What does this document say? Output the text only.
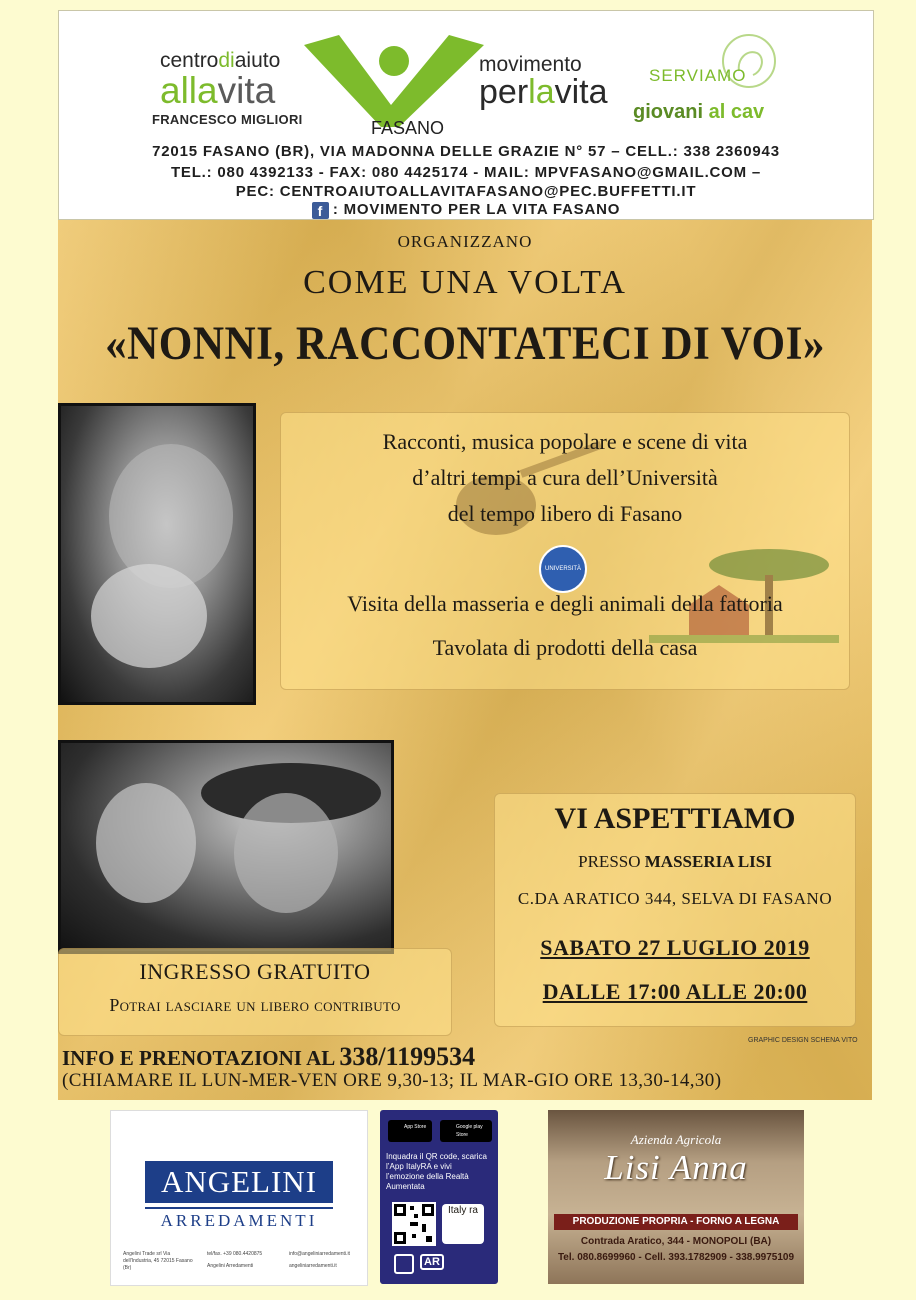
centrodiaiuto
allavita
FRANCESCO MIGLIORI	FASANO
movimento
perlavita SERVIAMO
giovani al cav
72015 FASANO (BR), VIA MADONNA DELLE GRAZIE N° 57 – CELL.: 338 2360943
TEL.: 080 4392133 - FAX: 080 4425174 - MAIL: MPVFASANO@GMAIL.COM –
PEC: CENTROAIUTOALLAVITAFASANO@PEC.BUFFETTI.IT
f : MOVIMENTO PER LA VITA FASANO
ORGANIZZANO
COME UNA VOLTA
«NONNI, RACCONTATECI DI VOI»
Racconti, musica popolare e scene di vita
d’altri tempi a cura dell’Università
del tempo libero di Fasano
UNIVERSITÀ
Visita della masseria e degli animali della fattoria
Tavolata di prodotti della casa
VI ASPETTIAMO
PRESSO MASSERIA LISI
C.DA ARATICO 344, SELVA DI FASANO
SABATO 27 LUGLIO 2019
DALLE 17:00 ALLE 20:00
INGRESSO GRATUITO
Potrai lasciare un libero contributo
GRAPHIC DESIGN SCHENA VITO
INFO E PRENOTAZIONI AL 338/1199534
(CHIAMARE IL LUN-MER-VEN ORE 9,30-13; IL MAR-GIO ORE 13,30-14,30)
ANGELINI
ARREDAMENTI
Angelini Trade srl Via dell'Industria, 45 72015 Fasano (Br)
tel/fax. +39 080.4420875
Angelini Arredamenti
info@angeliniarredamenti.it
angeliniarredamenti.it
App Store	Google play Store
Inquadra il QR code, scarica l’App ItalyRA e vivi l’emozione della Realtà Aumentata
Italy ra
AR
Azienda Agricola
Lisi Anna
PRODUZIONE PROPRIA - FORNO A LEGNA
Contrada Aratico, 344 - MONOPOLI (BA)
Tel. 080.8699960 - Cell. 393.1782909 - 338.9975109
